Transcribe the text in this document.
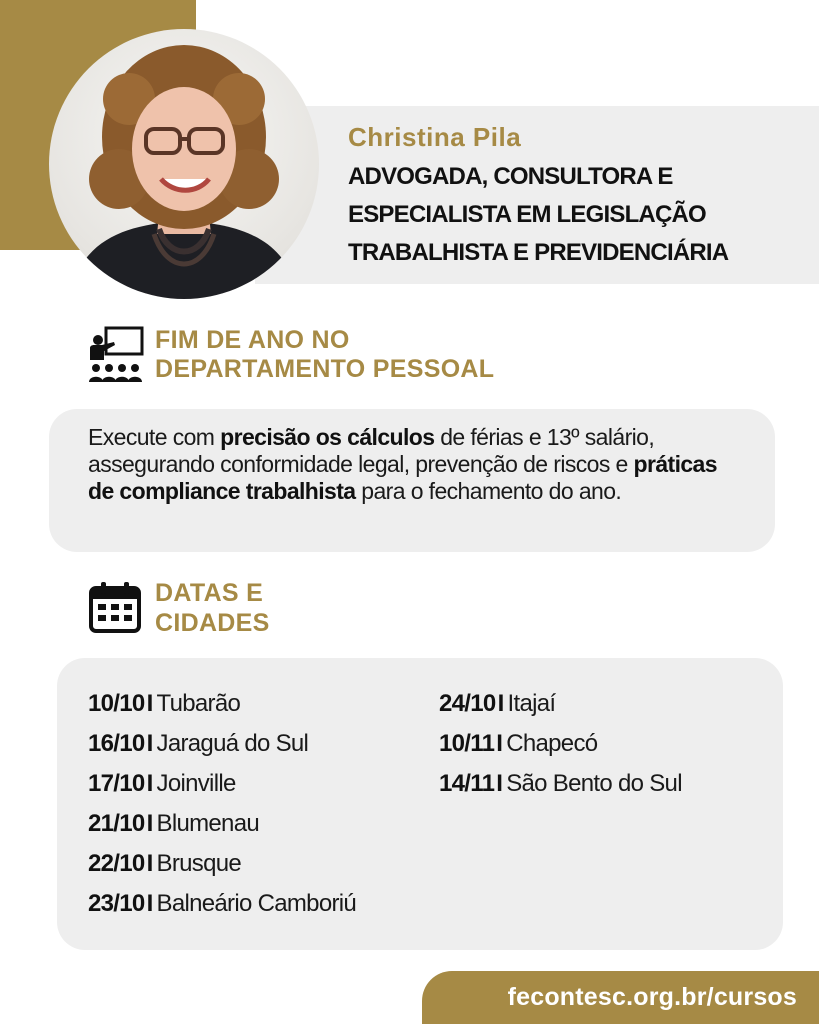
Christina Pila
ADVOGADA, CONSULTORA E
ESPECIALISTA EM LEGISLAÇÃO
TRABALHISTA E PREVIDENCIÁRIA
FIM DE ANO NO
DEPARTAMENTO PESSOAL
Execute com precisão os cálculos de férias e 13º salário, assegurando conformidade legal, prevenção de riscos e práticas de compliance trabalhista para o fechamento do ano.
DATAS E
CIDADES
10/10I Tubarão
16/10I Jaraguá do Sul
17/10I Joinville
21/10I Blumenau
22/10I Brusque
23/10I Balneário Camboriú
24/10I Itajaí
10/11I Chapecó
14/11I São Bento do Sul
fecontesc.org.br/cursos
